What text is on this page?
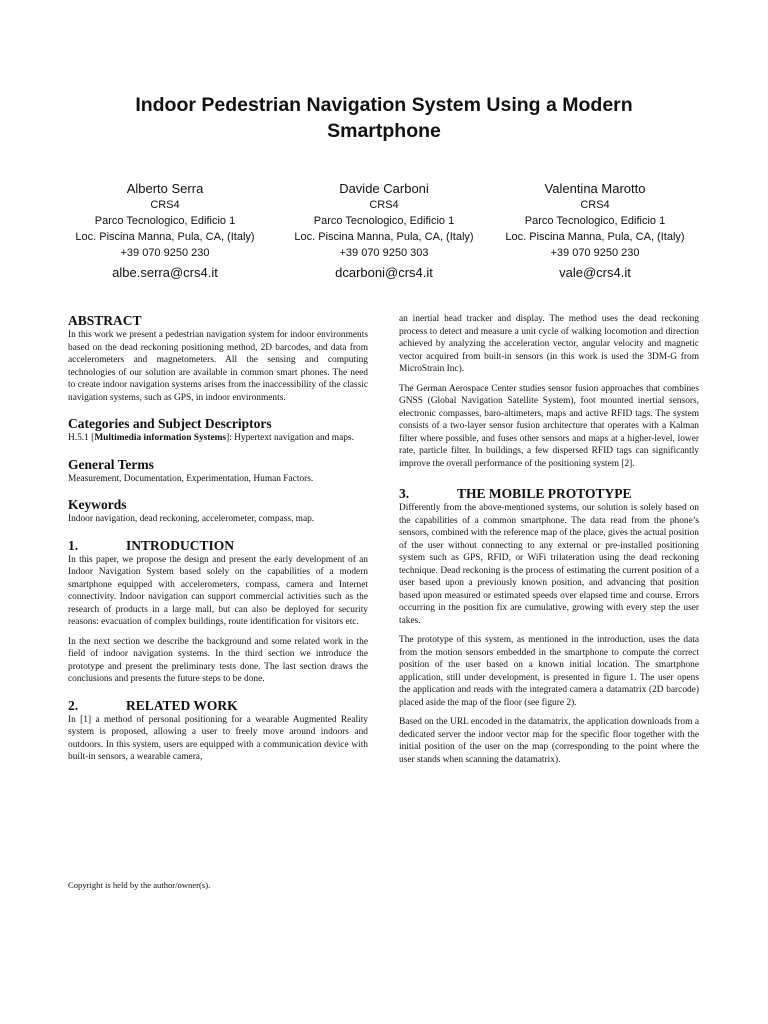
Indoor Pedestrian Navigation System Using a Modern
Smartphone
Alberto Serra
CRS4
Parco Tecnologico, Edificio 1
Loc. Piscina Manna, Pula, CA, (Italy)
+39 070 9250 230
albe.serra@crs4.it
Davide Carboni
CRS4
Parco Tecnologico, Edificio 1
Loc. Piscina Manna, Pula, CA, (Italy)
+39 070 9250 303
dcarboni@crs4.it
Valentina Marotto
CRS4
Parco Tecnologico, Edificio 1
Loc. Piscina Manna, Pula, CA, (Italy)
+39 070 9250 230
vale@crs4.it
ABSTRACT

In this work we present a pedestrian navigation system for indoor environments based on the dead reckoning positioning method, 2D barcodes, and data from accelerometers and magnetometers. All the sensing and computing technologies of our solution are available in common smart phones. The need to create indoor navigation systems arises from the inaccessibility of the classic navigation systems, such as GPS, in indoor environments.

Categories and Subject Descriptors

H.5.1 [Multimedia information Systems]: Hypertext navigation and maps.

General Terms

Measurement, Documentation, Experimentation, Human Factors.

Keywords

Indoor navigation, dead reckoning, accelerometer, compass, map.

1.	INTRODUCTION

In this paper, we propose the design and present the early development of an Indoor Navigation System based solely on the capabilities of a modern smartphone equipped with accelerometers, compass, camera and Internet connectivity. Indoor navigation can support commercial activities such as the research of products in a large mall, but can also be deployed for security reasons: evacuation of complex buildings, route identification for visitors etc.

In the next section we describe the background and some related work in the field of indoor navigation systems. In the third section we introduce the prototype and present the preliminary tests done. The last section draws the conclusions and presents the future steps to be done.

2.	RELATED WORK

In [1] a method of personal positioning for a wearable Augmented Reality system is proposed, allowing a user to freely move around indoors and outdoors. In this system, users are equipped with a communication device with built-in sensors, a wearable camera,

Copyright is held by the author/owner(s).

an inertial head tracker and display. The method uses the dead reckoning process to detect and measure a unit cycle of walking locomotion and direction achieved by analyzing the acceleration vector, angular velocity and magnetic vector acquired from built-in sensors (in this work is used the 3DM-G from MicroStrain Inc).

The German Aerospace Center studies sensor fusion approaches that combines GNSS (Global Navigation Satellite System), foot mounted inertial sensors, electronic compasses, baro-altimeters, maps and active RFID tags. The system consists of a two-layer sensor fusion architecture that operates with a Kalman filter where possible, and fuses other sensors and maps at a higher-level, lower rate, particle filter. In buildings, a few dispersed RFID tags can significantly improve the overall performance of the positioning system [2].

3.	THE MOBILE PROTOTYPE

Differently from the above-mentioned systems, our solution is solely based on the capabilities of a common smartphone. The data read from the phone’s sensors, combined with the reference map of the place, gives the actual position of the user without connecting to any external or pre-installed positioning system such as GPS, RFID, or WiFi trilateration using the dead reckoning technique. Dead reckoning is the process of estimating the current position of a user based upon a previously known position, and advancing that position based upon measured or estimated speeds over elapsed time and course. Errors occurring in the position fix are cumulative, growing with every step the user takes.

The prototype of this system, as mentioned in the introduction, uses the data from the motion sensors embedded in the smartphone to compute the correct position of the user based on a known initial location. The smartphone application, still under development, is presented in figure 1. The user opens the application and reads with the integrated camera a datamatrix (2D barcode) placed aside the map of the floor (see figure 2).

Based on the URL encoded in the datamatrix, the application downloads from a dedicated server the indoor vector map for the specific floor together with the initial position of the user on the map (corresponding to the point where the user stands when scanning the datamatrix).
